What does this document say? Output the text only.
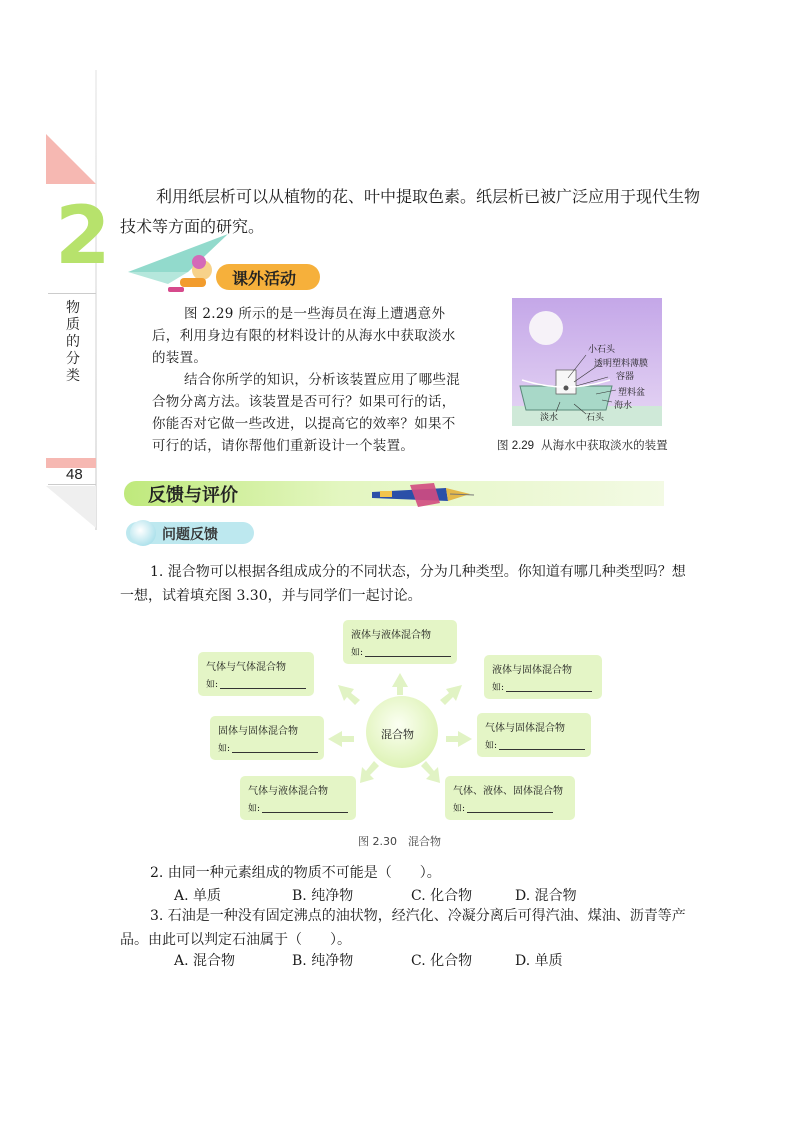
2
物质的分类
48
利用纸层析可以从植物的花、叶中提取色素。纸层析已被广泛应用于现代生物技术等方面的研究。
课外活动
图 2.29 所示的是一些海员在海上遭遇意外后，利用身边有限的材料设计的从海水中获取淡水的装置。
结合你所学的知识，分析该装置应用了哪些混合物分离方法。该装置是否可行？如果可行的话，你能否对它做一些改进，以提高它的效率？如果不可行的话，请你帮他们重新设计一个装置。
小石头
透明塑料薄膜
容器
塑料盆
海水
淡水	石头
图 2.29 从海水中获取淡水的装置
反馈与评价
问题反馈
1. 混合物可以根据各组成成分的不同状态，分为几种类型。你知道有哪几种类型吗？想一想，试着填充图 3.30，并与同学们一起讨论。
混合物
液体与液体混合物
如:
气体与气体混合物
如:
液体与固体混合物
如:
固体与固体混合物
如:
气体与固体混合物
如:
气体与液体混合物
如:
气体、液体、固体混合物
如:
图 2.30　混合物
2. 由同一种元素组成的物质不可能是（　　）。
A. 单质	B. 纯净物	C. 化合物	D. 混合物
3. 石油是一种没有固定沸点的油状物，经汽化、冷凝分离后可得汽油、煤油、沥青等产品。由此可以判定石油属于（　　）。
A. 混合物	B. 纯净物	C. 化合物	D. 单质
